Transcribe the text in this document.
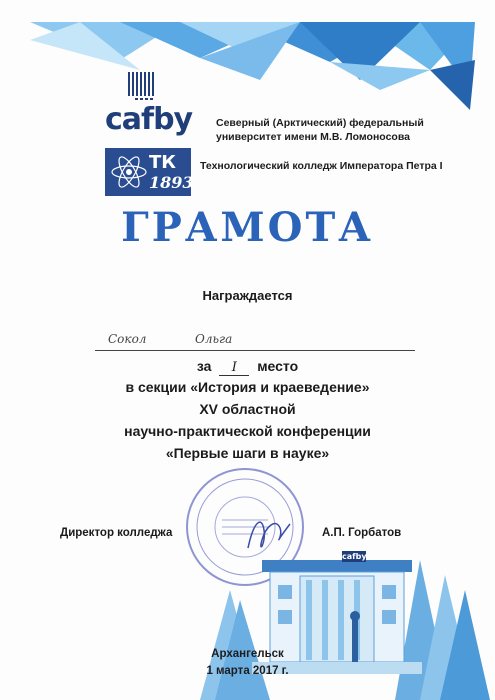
cafby
ТК
1893
Северный (Арктический) федеральный
университет имени М.В. Ломоносова
Технологический колледж Императора Петра I
ГРАМОТА
Награждается
Сокол	Ольга
за I место
в секции «История и краеведение»
XV областной
научно-практической конференции
«Первые шаги в науке»
Директор колледжа	А.П. Горбатов
cafby
Архангельск
1 марта 2017 г.
